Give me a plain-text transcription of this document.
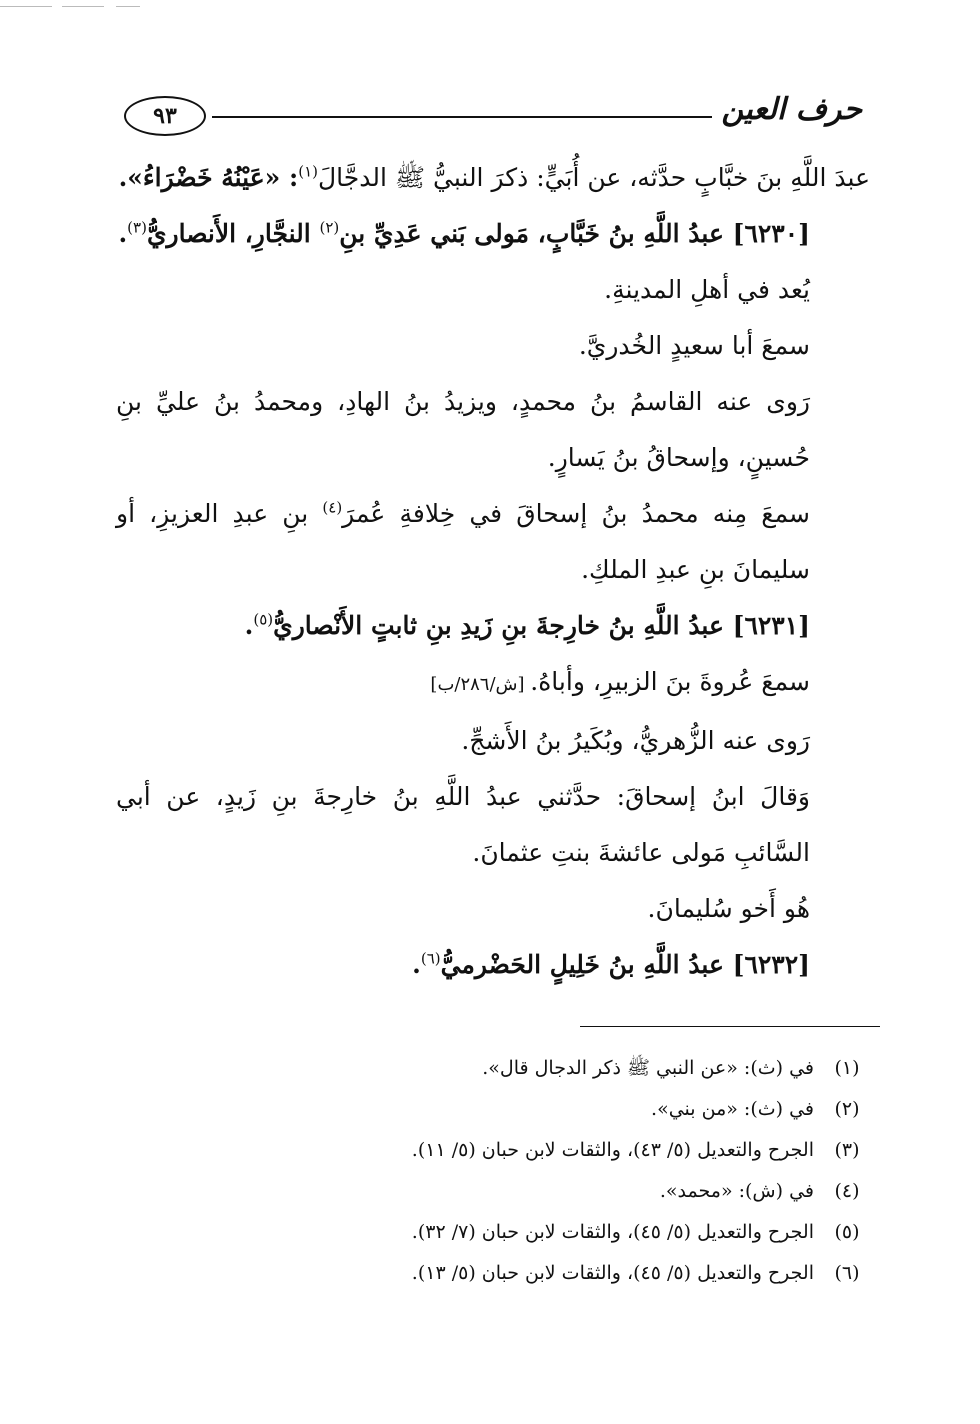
حرف العين
٩٣

عبدَ اللَّهِ بنَ خبَّابٍ حدَّثه، عن أُبَيٍّ: ذكرَ النبيُّ ﷺ الدجَّالَ$^{(١)}$: «عَيْنُهُ خَضْرَاءُ».

[٦٢٣٠] عبدُ اللَّهِ بنُ خَبَّابٍ، مَولى بَني عَدِيِّ بنِ$^{(٢)}$ النجَّارِ، الأَنصاريُّ$^{(٣)}$.

يُعد في أهلِ المدينةِ.

سمعَ أبا سعيدٍ الخُدريَّ.

رَوى عنه القاسمُ بنُ محمدٍ، ويزيدُ بنُ الهادِ، ومحمدُ بنُ عليِّ بنِ حُسينٍ، وإسحاقُ بنُ يَسارٍ.

سمعَ مِنه محمدُ بنُ إسحاقَ في خِلافةِ عُمرَ$^{(٤)}$ بنِ عبدِ العزيزِ، أو سليمانَ بنِ عبدِ الملكِ.

[٦٢٣١] عبدُ اللَّهِ بنُ خارِجةَ بنِ زَيدِ بنِ ثابتٍ الأَنْصاريُّ$^{(٥)}$.

سمعَ عُروةَ بنَ الزبيرِ، وأباهُ. [ش/٢٨٦/ب]

رَوى عنه الزُّهريُّ، وبُكَيرُ بنُ الأَشجِّ.

وَقالَ ابنُ إسحاقَ: حدَّثني عبدُ اللَّهِ بنُ خارِجةَ بنِ زَيدٍ، عن أبي السَّائبِ مَولى عائشةَ بنتِ عثمانَ.

هُو أَخو سُليمانَ.

[٦٢٣٢] عبدُ اللَّهِ بنُ خَلِيلٍ الحَضْرميُّ$^{(٦)}$.

(١)
في (ث): «عن النبي ﷺ ذكر الدجال قال».
(٢)
في (ث): «من بني».
(٣)
الجرح والتعديل (٥/ ٤٣)، والثقات لابن حبان (٥/ ١١).
(٤)
في (ش): «محمد».
(٥)
الجرح والتعديل (٥/ ٤٥)، والثقات لابن حبان (٧/ ٣٢).
(٦)
الجرح والتعديل (٥/ ٤٥)، والثقات لابن حبان (٥/ ١٣).
